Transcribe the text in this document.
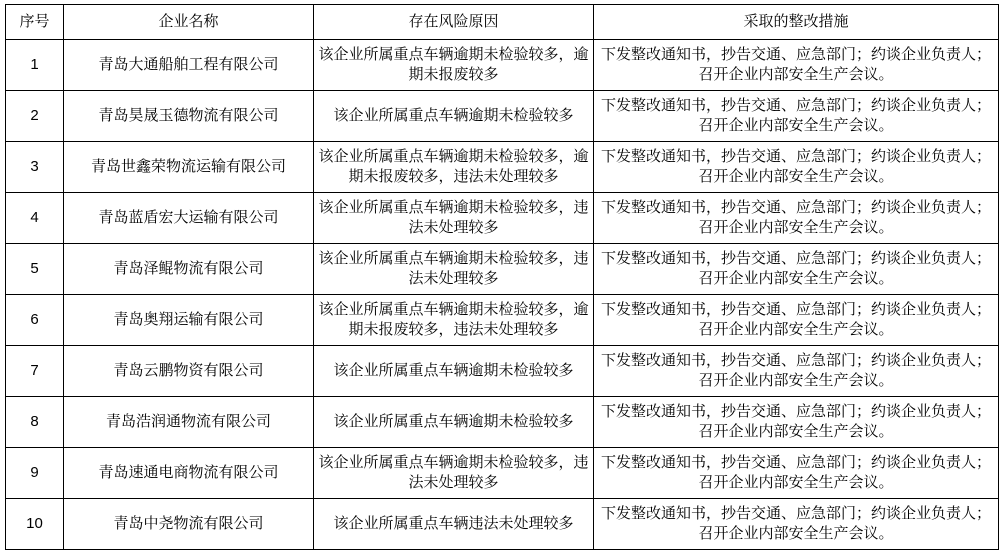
序号	企业名称	存在风险原因	采取的整改措施
1	青岛大通船舶工程有限公司	该企业所属重点车辆逾期未检验较多，逾期未报废较多	下发整改通知书，抄告交通、应急部门；约谈企业负责人；召开企业内部安全生产会议。
2	青岛昊晟玉德物流有限公司	该企业所属重点车辆逾期未检验较多	下发整改通知书，抄告交通、应急部门；约谈企业负责人；召开企业内部安全生产会议。
3	青岛世鑫荣物流运输有限公司	该企业所属重点车辆逾期未检验较多，逾期未报废较多，违法未处理较多	下发整改通知书，抄告交通、应急部门；约谈企业负责人；召开企业内部安全生产会议。
4	青岛蓝盾宏大运输有限公司	该企业所属重点车辆逾期未检验较多，违法未处理较多	下发整改通知书，抄告交通、应急部门；约谈企业负责人；召开企业内部安全生产会议。
5	青岛泽鲲物流有限公司	该企业所属重点车辆逾期未检验较多，违法未处理较多	下发整改通知书，抄告交通、应急部门；约谈企业负责人；召开企业内部安全生产会议。
6	青岛奥翔运输有限公司	该企业所属重点车辆逾期未检验较多，逾期未报废较多，违法未处理较多	下发整改通知书，抄告交通、应急部门；约谈企业负责人；召开企业内部安全生产会议。
7	青岛云鹏物资有限公司	该企业所属重点车辆逾期未检验较多	下发整改通知书，抄告交通、应急部门；约谈企业负责人；召开企业内部安全生产会议。
8	青岛浩润通物流有限公司	该企业所属重点车辆逾期未检验较多	下发整改通知书，抄告交通、应急部门；约谈企业负责人；召开企业内部安全生产会议。
9	青岛速通电商物流有限公司	该企业所属重点车辆逾期未检验较多，违法未处理较多	下发整改通知书，抄告交通、应急部门；约谈企业负责人；召开企业内部安全生产会议。
10	青岛中尧物流有限公司	该企业所属重点车辆违法未处理较多	下发整改通知书，抄告交通、应急部门；约谈企业负责人；召开企业内部安全生产会议。
